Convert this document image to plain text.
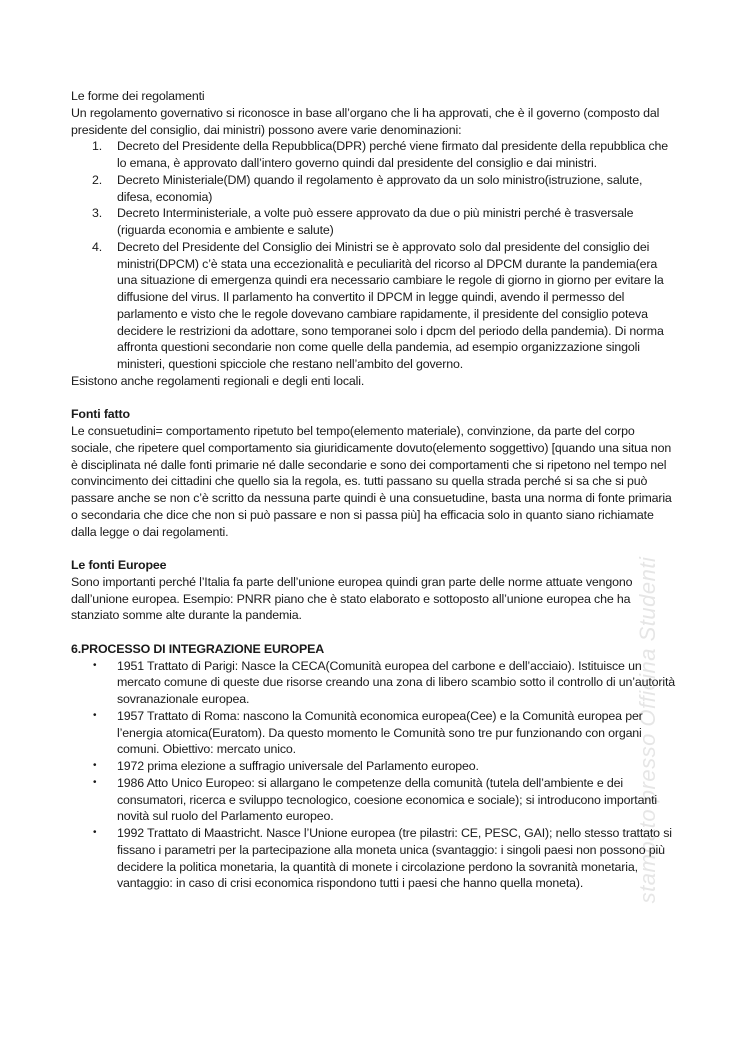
stampato presso Officina Studenti

Le forme dei regolamenti

Un regolamento governativo si riconosce in base all’organo che li ha approvati, che è il governo (composto dal presidente del consiglio, dai ministri) possono avere varie denominazioni:

1. Decreto del Presidente della Repubblica(DPR) perché viene firmato dal presidente della repubblica che lo emana, è approvato dall’intero governo quindi dal presidente del consiglio e dai ministri.
2. Decreto Ministeriale(DM) quando il regolamento è approvato da un solo ministro(istruzione, salute, difesa, economia)
3. Decreto Interministeriale, a volte può essere approvato da due o più ministri perché è trasversale (riguarda economia e ambiente e salute)
4. Decreto del Presidente del Consiglio dei Ministri se è approvato solo dal presidente del consiglio dei ministri(DPCM) c’è stata una eccezionalità e peculiarità del ricorso al DPCM durante la pandemia(era una situazione di emergenza quindi era necessario cambiare le regole di giorno in giorno per evitare la diffusione del virus. Il parlamento ha convertito il DPCM in legge quindi, avendo il permesso del parlamento e visto che le regole dovevano cambiare rapidamente, il presidente del consiglio poteva decidere le restrizioni da adottare, sono temporanei solo i dpcm del periodo della pandemia). Di norma affronta questioni secondarie non come quelle della pandemia, ad esempio organizzazione singoli ministeri, questioni spicciole che restano nell’ambito del governo.

Esistono anche regolamenti regionali e degli enti locali.

Fonti fatto

Le consuetudini= comportamento ripetuto bel tempo(elemento materiale), convinzione, da parte del corpo sociale, che ripetere quel comportamento sia giuridicamente dovuto(elemento soggettivo) [quando una situa non è disciplinata né dalle fonti primarie né dalle secondarie e sono dei comportamenti che si ripetono nel tempo nel convincimento dei cittadini che quello sia la regola, es. tutti passano su quella strada perché si sa che si può passare anche se non c’è scritto da nessuna parte quindi è una consuetudine, basta una norma di fonte primaria o secondaria che dice che non si può passare e non si passa più] ha efficacia solo in quanto siano richiamate dalla legge o dai regolamenti.

Le fonti Europee

Sono importanti perché l’Italia fa parte dell’unione europea quindi gran parte delle norme attuate vengono dall’unione europea. Esempio: PNRR piano che è stato elaborato e sottoposto all’unione europea che ha stanziato somme alte durante la pandemia.

6.PROCESSO DI INTEGRAZIONE EUROPEA

• 1951 Trattato di Parigi: Nasce la CECA(Comunità europea del carbone e dell’acciaio). Istituisce un mercato comune di queste due risorse creando una zona di libero scambio sotto il controllo di un’autorità sovranazionale europea.
• 1957 Trattato di Roma: nascono la Comunità economica europea(Cee) e la Comunità europea per l’energia atomica(Euratom). Da questo momento le Comunità sono tre pur funzionando con organi comuni. Obiettivo: mercato unico.
• 1972 prima elezione a suffragio universale del Parlamento europeo.
• 1986 Atto Unico Europeo: si allargano le competenze della comunità (tutela dell’ambiente e dei consumatori, ricerca e sviluppo tecnologico, coesione economica e sociale); si introducono importanti novità sul ruolo del Parlamento europeo.
• 1992 Trattato di Maastricht. Nasce l’Unione europea (tre pilastri: CE, PESC, GAI); nello stesso trattato si fissano i parametri per la partecipazione alla moneta unica (svantaggio: i singoli paesi non possono più decidere la politica monetaria, la quantità di monete i circolazione perdono la sovranità monetaria, vantaggio: in caso di crisi economica rispondono tutti i paesi che hanno quella moneta).
